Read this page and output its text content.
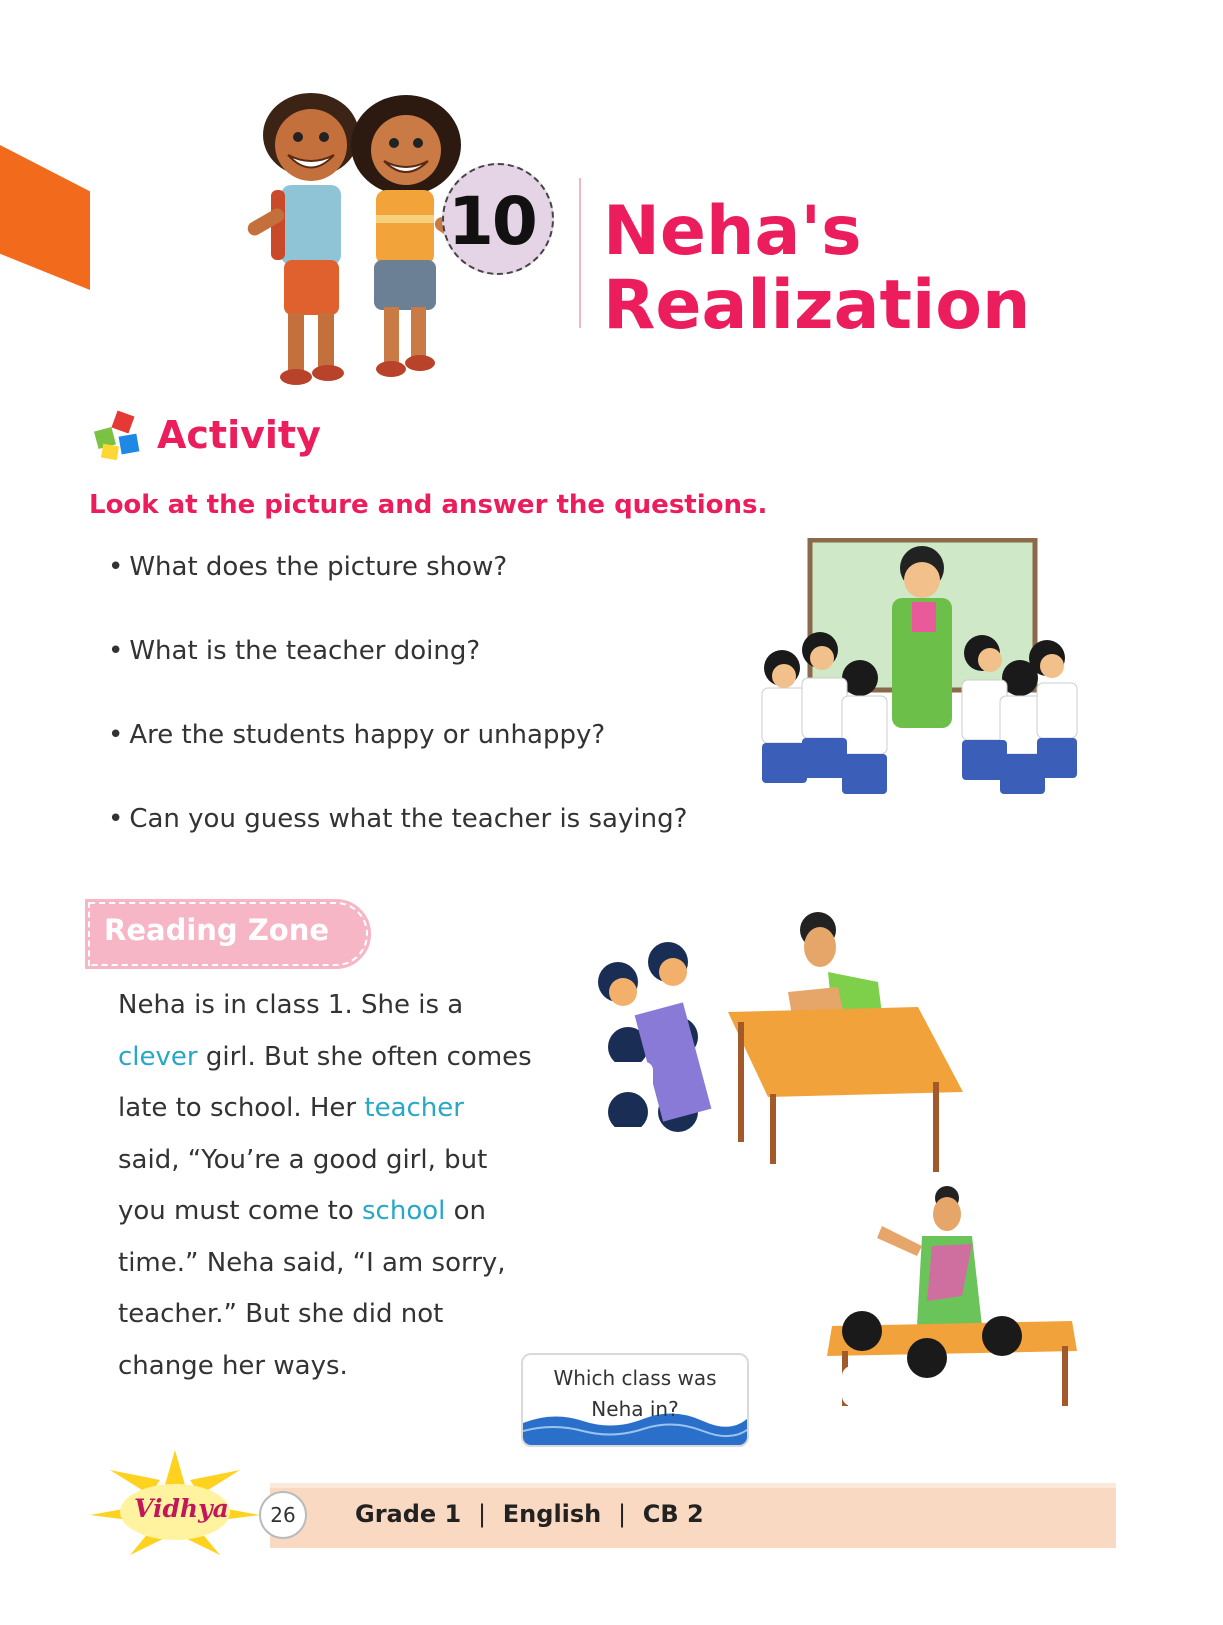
10 Neha's
Realization
Activity
Look at the picture and answer the questions.
• What does the picture show?
• What is the teacher doing?
• Are the students happy or unhappy?
• Can you guess what the teacher is saying?
Reading Zone
Neha is in class 1. She is a
clever girl. But she often comes
late to school. Her teacher
said, “You’re a good girl, but
you must come to school on
time.” Neha said, “I am sorry,
teacher.” But she did not
change her ways.	Which class was
Neha in?
Vidhya	26	Grade 1 | English | CB 2
